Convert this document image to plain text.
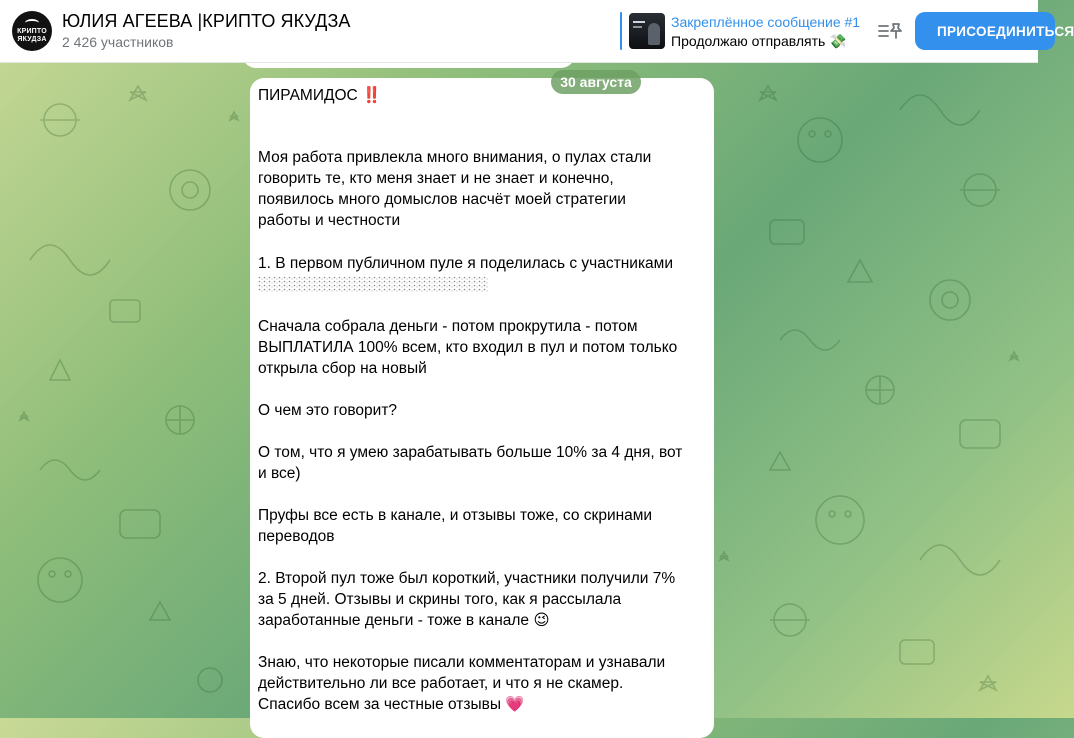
КРИПТО
ЯКУДЗА
ЮЛИЯ АГЕЕВА |КРИПТО ЯКУДЗА
2 426 участников
Закреплённое сообщение #1
Продолжаю отправлять 💸
ПРИСОЕДИНИТЬСЯ
30 августа
ПИРАМИДОС ‼️
Моя работа привлекла много внимания, о пулах стали
говорить те, кто меня знает и не знает и конечно,
появилось много домыслов насчёт моей стратегии
работы и честности
1. В первом публичном пуле я поделилась с участниками
Сначала собрала деньги - потом прокрутила - потом
ВЫПЛАТИЛА 100% всем, кто входил в пул и потом только
открыла сбор на новый
О чем это говорит?
О том, что я умею зарабатывать больше 10% за 4 дня, вот
и все)
Пруфы все есть в канале, и отзывы тоже, со скринами
переводов
2. Второй пул тоже был короткий, участники получили 7%
за 5 дней. Отзывы и скрины того, как я рассылала
заработанные деньги - тоже в канале 😉
Знаю, что некоторые писали комментаторам и узнавали
действительно ли все работает, и что я не скамер.
Спасибо всем за честные отзывы 💗
